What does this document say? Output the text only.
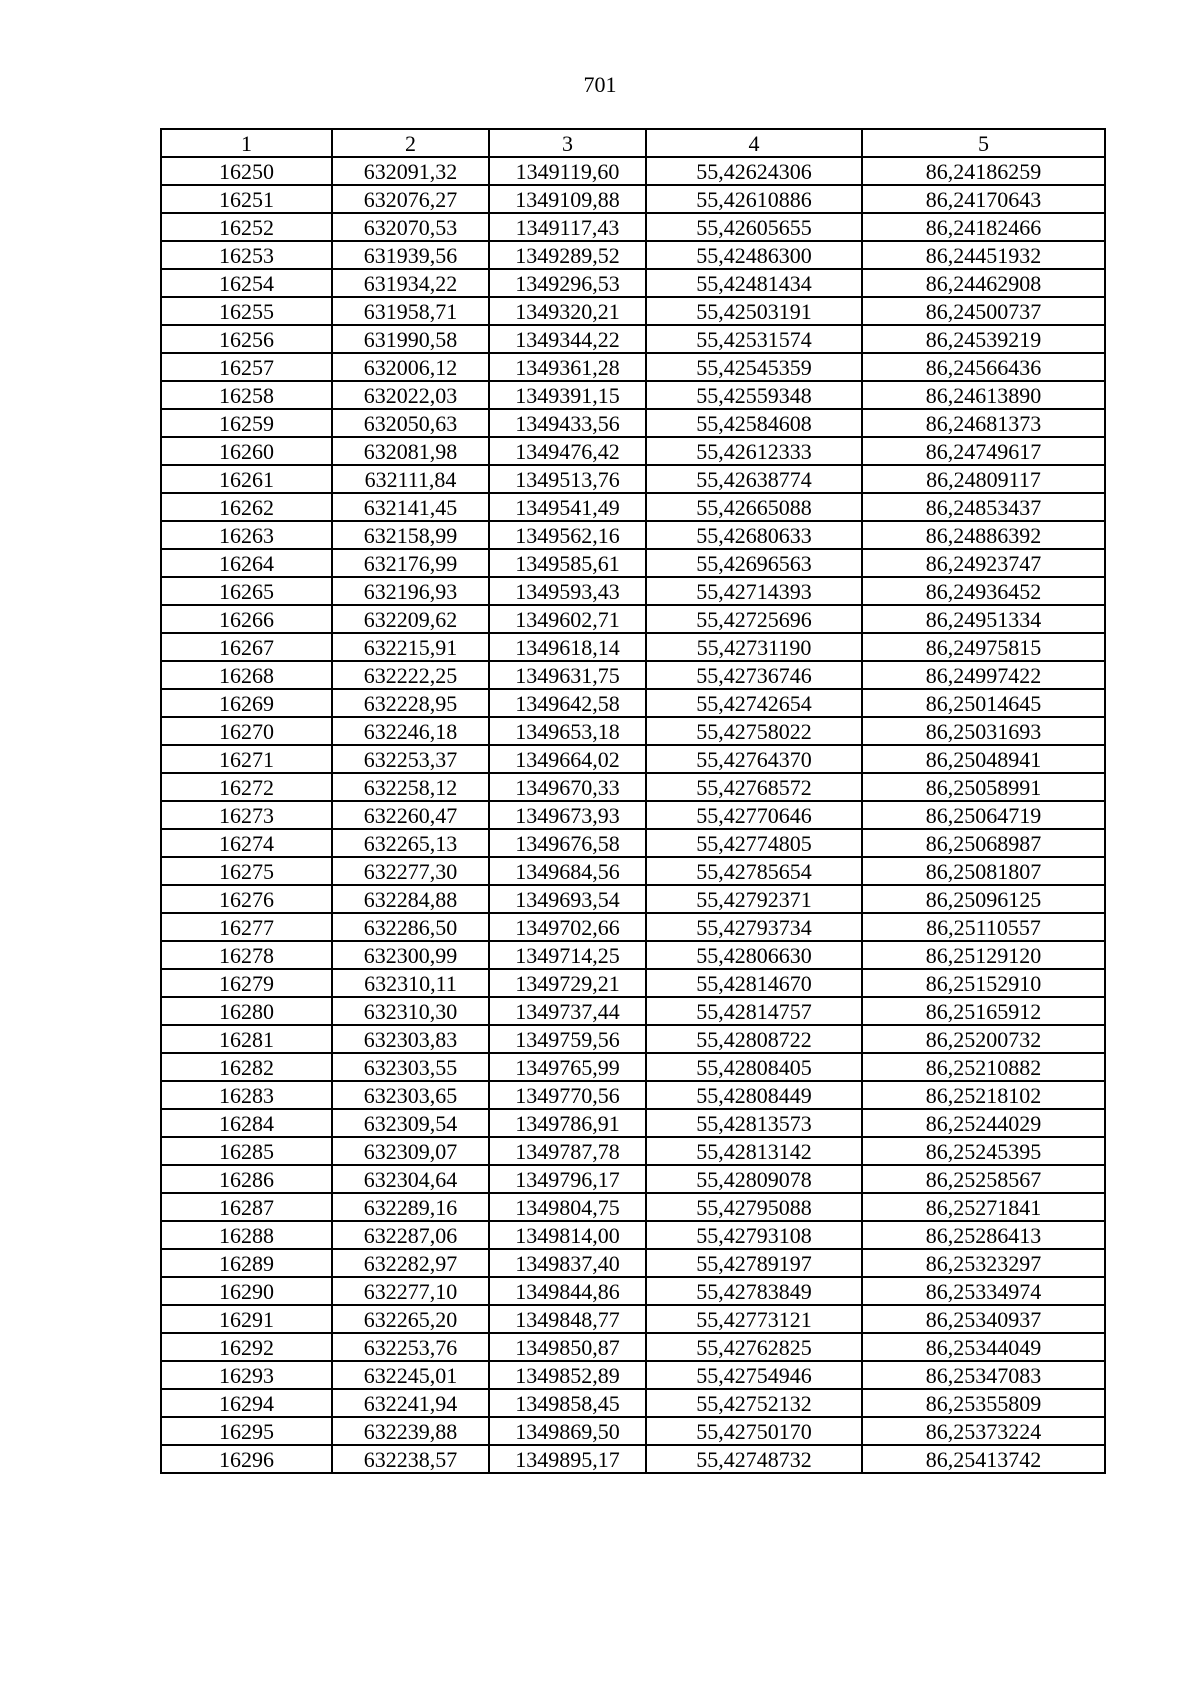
701
1	2	3	4	5
16250	632091,32	1349119,60	55,42624306	86,24186259
16251	632076,27	1349109,88	55,42610886	86,24170643
16252	632070,53	1349117,43	55,42605655	86,24182466
16253	631939,56	1349289,52	55,42486300	86,24451932
16254	631934,22	1349296,53	55,42481434	86,24462908
16255	631958,71	1349320,21	55,42503191	86,24500737
16256	631990,58	1349344,22	55,42531574	86,24539219
16257	632006,12	1349361,28	55,42545359	86,24566436
16258	632022,03	1349391,15	55,42559348	86,24613890
16259	632050,63	1349433,56	55,42584608	86,24681373
16260	632081,98	1349476,42	55,42612333	86,24749617
16261	632111,84	1349513,76	55,42638774	86,24809117
16262	632141,45	1349541,49	55,42665088	86,24853437
16263	632158,99	1349562,16	55,42680633	86,24886392
16264	632176,99	1349585,61	55,42696563	86,24923747
16265	632196,93	1349593,43	55,42714393	86,24936452
16266	632209,62	1349602,71	55,42725696	86,24951334
16267	632215,91	1349618,14	55,42731190	86,24975815
16268	632222,25	1349631,75	55,42736746	86,24997422
16269	632228,95	1349642,58	55,42742654	86,25014645
16270	632246,18	1349653,18	55,42758022	86,25031693
16271	632253,37	1349664,02	55,42764370	86,25048941
16272	632258,12	1349670,33	55,42768572	86,25058991
16273	632260,47	1349673,93	55,42770646	86,25064719
16274	632265,13	1349676,58	55,42774805	86,25068987
16275	632277,30	1349684,56	55,42785654	86,25081807
16276	632284,88	1349693,54	55,42792371	86,25096125
16277	632286,50	1349702,66	55,42793734	86,25110557
16278	632300,99	1349714,25	55,42806630	86,25129120
16279	632310,11	1349729,21	55,42814670	86,25152910
16280	632310,30	1349737,44	55,42814757	86,25165912
16281	632303,83	1349759,56	55,42808722	86,25200732
16282	632303,55	1349765,99	55,42808405	86,25210882
16283	632303,65	1349770,56	55,42808449	86,25218102
16284	632309,54	1349786,91	55,42813573	86,25244029
16285	632309,07	1349787,78	55,42813142	86,25245395
16286	632304,64	1349796,17	55,42809078	86,25258567
16287	632289,16	1349804,75	55,42795088	86,25271841
16288	632287,06	1349814,00	55,42793108	86,25286413
16289	632282,97	1349837,40	55,42789197	86,25323297
16290	632277,10	1349844,86	55,42783849	86,25334974
16291	632265,20	1349848,77	55,42773121	86,25340937
16292	632253,76	1349850,87	55,42762825	86,25344049
16293	632245,01	1349852,89	55,42754946	86,25347083
16294	632241,94	1349858,45	55,42752132	86,25355809
16295	632239,88	1349869,50	55,42750170	86,25373224
16296	632238,57	1349895,17	55,42748732	86,25413742
